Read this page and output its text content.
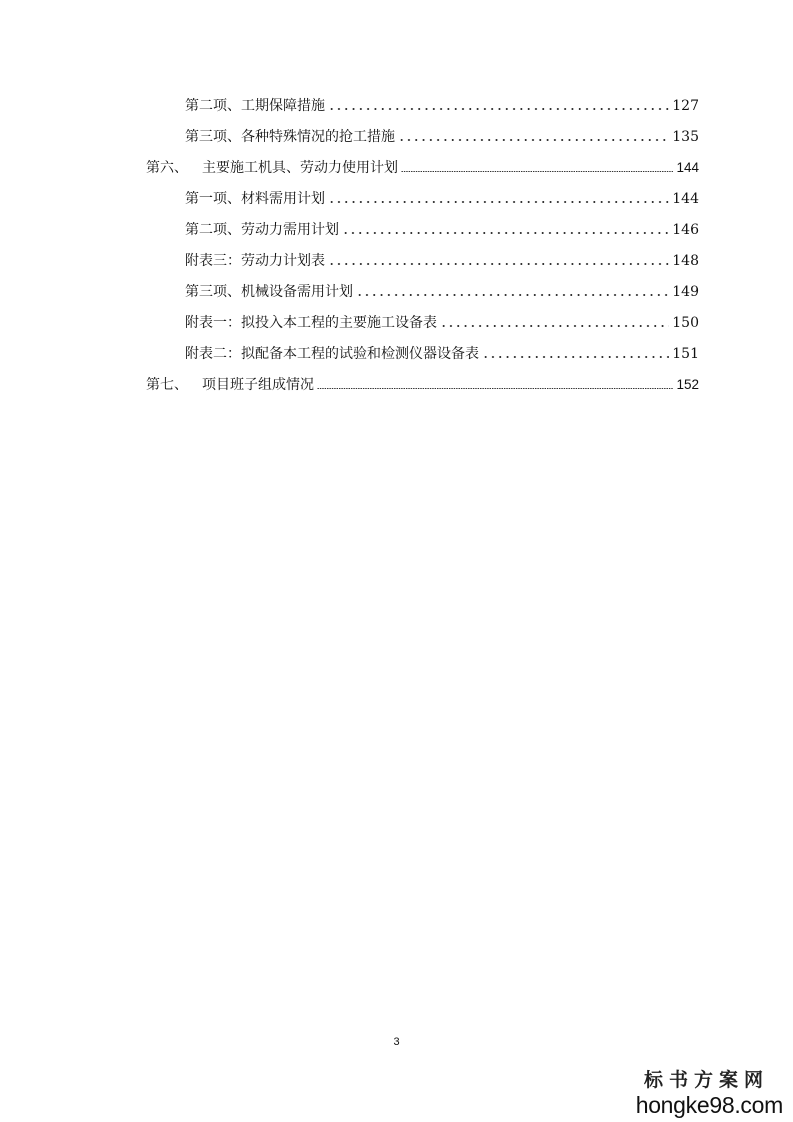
第二项、工期保障措施	127
第三项、各种特殊情况的抢工措施	135
第六、 主要施工机具、劳动力使用计划	144
第一项、材料需用计划	144
第二项、劳动力需用计划	146
附表三：劳动力计划表	148
第三项、机械设备需用计划	149
附表一：拟投入本工程的主要施工设备表	150
附表二：拟配备本工程的试验和检测仪器设备表	151
第七、 项目班子组成情况	152
3
标书方案网
hongke98.com
